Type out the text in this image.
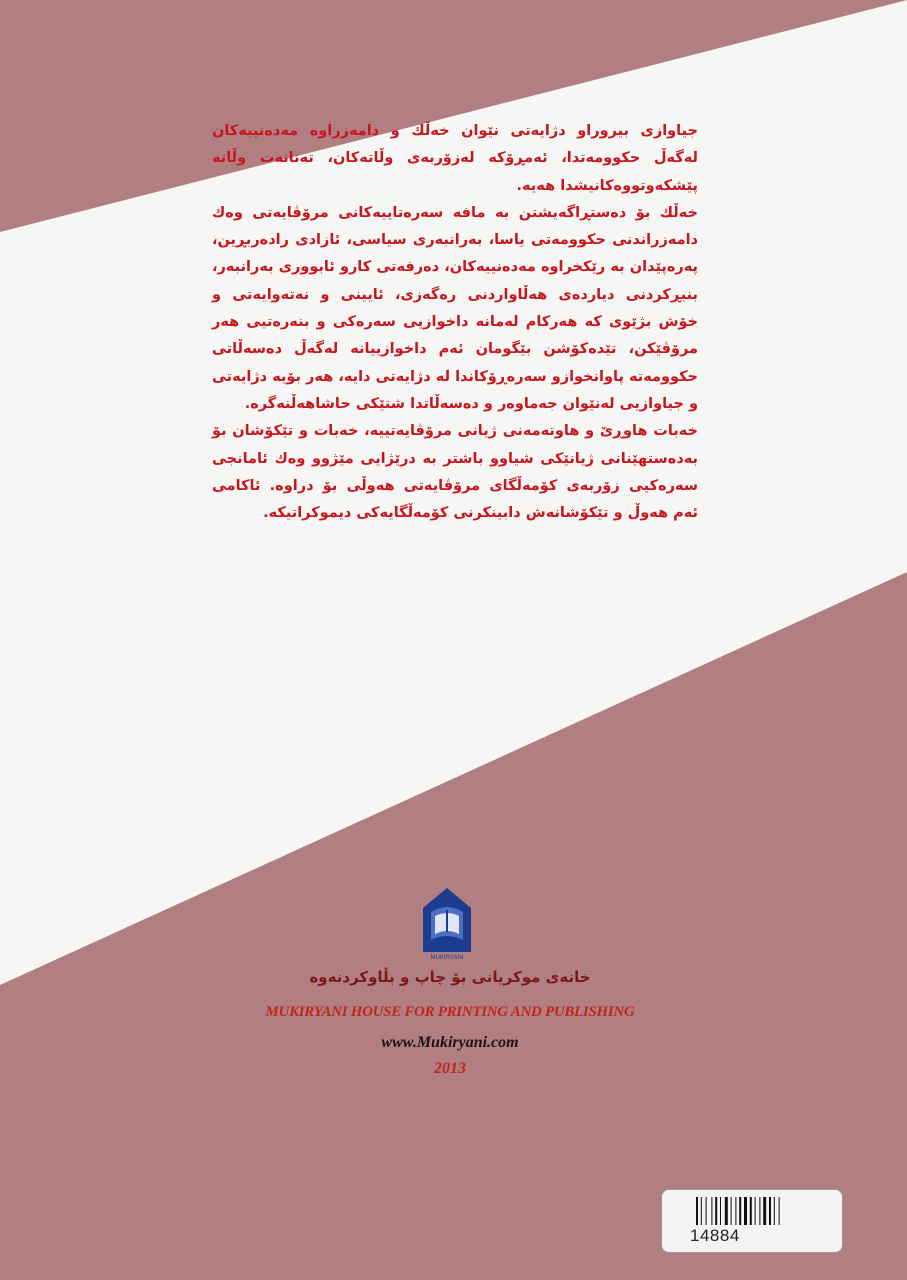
جیاوازی بیروراو دژایەتی نێوان خەڵك و دامەزراوە مەدەنییەکان لەگەڵ حکوومەتدا، ئەمڕۆکە لەزۆربەی وڵاتەکان، تەنانەت وڵاتە پێشکەوتووەکانیشدا هەیە.

خەڵك بۆ دەستڕاگەیشتن بە مافە سەرەتاییەکانی مرۆڤایەتی وەك دامەزراندنی حکوومەتی یاسا، بەرانبەری سیاسی، ئازادی رادەربڕین، پەرەپێدان بە رێکخراوە مەدەنییەکان، دەرفەتی کارو ئابووری بەرانبەر، بنبڕکردنی دیاردەی هەڵاواردنی رەگەزی، ئایینی و نەتەوایەتی و خۆش بژێوی کە هەرکام لەمانە داخوازیی سەرەکی و بنەرەتیی هەر مرۆڤێکن، تێدەکۆشن بێگومان ئەم داخوازییانە لەگەڵ دەسەڵاتی حکوومەتە پاوانخوازو سەرەڕۆکاندا لە دژایەتی دایە، هەر بۆیە دژایەتی و جیاوازیی لەنێوان جەماوەر و دەسەڵاتدا شتێکی حاشاهەڵنەگرە.

خەبات هاوڕێ و هاوتەمەنی ژیانی مرۆڤایەتییە، خەبات و تێکۆشان بۆ بەدەستهێنانی ژیانێکی شیاوو باشتر بە درێژایی مێژوو وەك ئامانجی سەرەکیی زۆربەی کۆمەڵگای مرۆڤایەتی هەوڵی بۆ دراوە. ئاکامی ئەم هەوڵ و تێکۆشانەش دابینکرنی کۆمەڵگایەکی دیموکراتیکە.

MUKIRYANI
خانەی موکریانی بۆ چاپ و بڵاوکردنەوە
MUKIRYANI HOUSE FOR PRINTING AND PUBLISHING
www.Mukiryani.com
2013
14884
